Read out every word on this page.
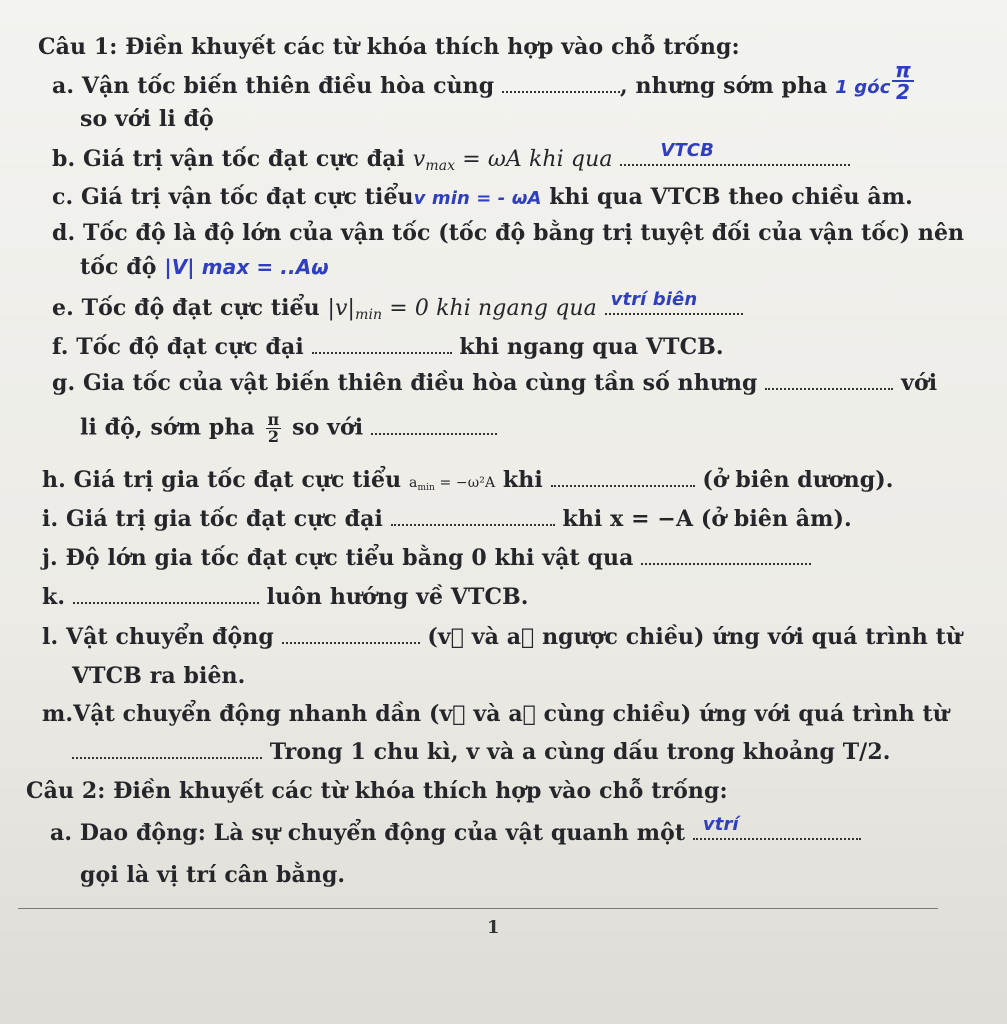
Câu 1: Điền khuyết các từ khóa thích hợp vào chỗ trống:
a. Vận tốc biến thiên điều hòa cùng	, nhưng sớm pha 1 góc
π
2
so với li độ
b. Giá trị vận tốc đạt cực đại $v_{max} = \omega A$ khi qua	VTCB
c. Giá trị vận tốc đạt cực tiểuv min = - ωA khi qua VTCB theo chiều âm.
d. Tốc độ là độ lớn của vận tốc (tốc độ bằng trị tuyệt đối của vận tốc) nên
tốc độ |V| max = ..Aω
e. Tốc độ đạt cực tiểu $|v|_{min} = 0$ khi ngang qua vtrí biên
f. Tốc độ đạt cực đại	khi ngang qua VTCB.
g. Gia tốc của vật biến thiên điều hòa cùng tần số nhưng	với
li độ, sớm pha $\frac{\pi}{2}$ so với
h. Giá trị gia tốc đạt cực tiểu $a_{min} = -\omega^2A$ khi	(ở biên dương).
i. Giá trị gia tốc đạt cực đại	khi x = −A (ở biên âm).
j. Độ lớn gia tốc đạt cực tiểu bằng 0 khi vật qua
k.	luôn hướng về VTCB.
l. Vật chuyển động	(v⃗ và a⃗ ngược chiều) ứng với quá trình từ
VTCB ra biên.
m.Vật chuyển động nhanh dần (v⃗ và a⃗ cùng chiều) ứng với quá trình từ
Trong 1 chu kì, v và a cùng dấu trong khoảng T/2.
Câu 2: Điền khuyết các từ khóa thích hợp vào chỗ trống:
a. Dao động: Là sự chuyển động của vật quanh một vtrí
gọi là vị trí cân bằng.
1
